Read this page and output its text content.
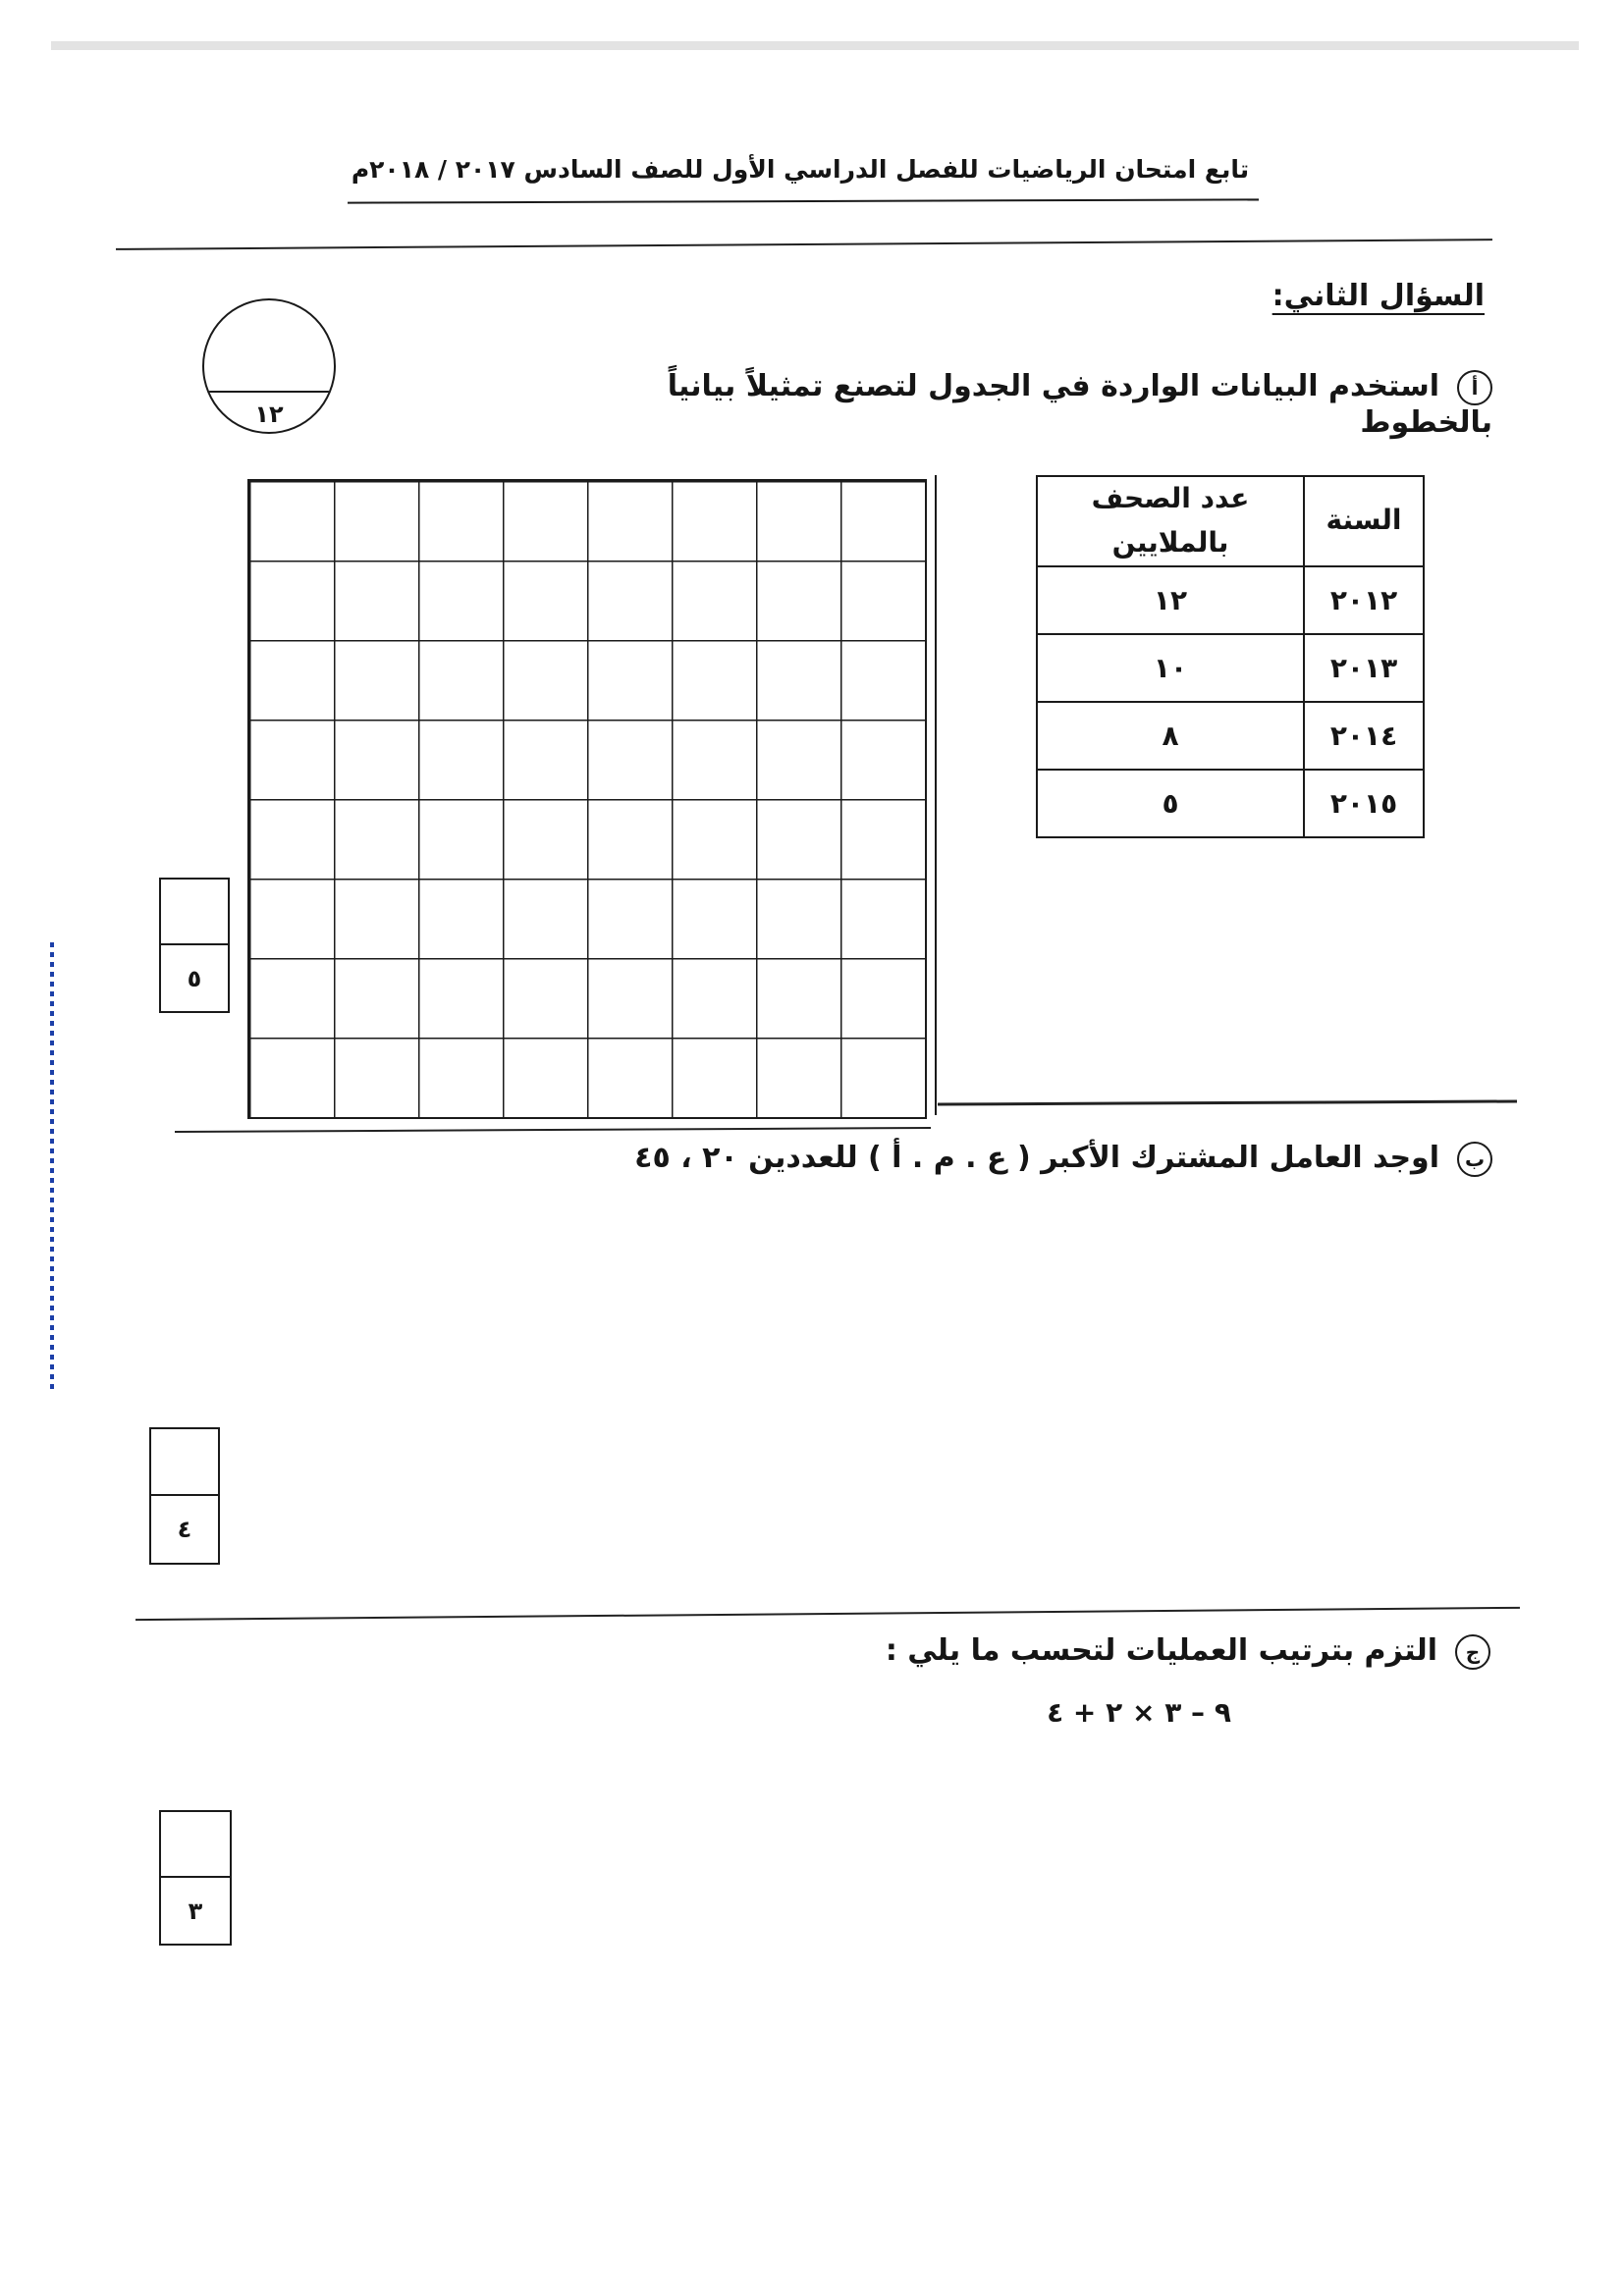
تابع امتحان الرياضيات للفصل الدراسي الأول للصف السادس ٢٠١٧ / ٢٠١٨م
السؤال الثاني:
١٢
أاستخدم البيانات الواردة في الجدول لتصنع تمثيلاً بيانياً بالخطوط
السنة	عدد الصحف بالملايين
٢٠١٢	١٢
٢٠١٣	١٠
٢٠١٤	٨
٢٠١٥	٥
٥
باوجد العامل المشترك الأكبر ( ع . م . أ ) للعددين ٢٠ ، ٤٥
٤
جالتزم بترتيب العمليات لتحسب ما يلي :
٩ – ٣ × ٢ + ٤
٣
